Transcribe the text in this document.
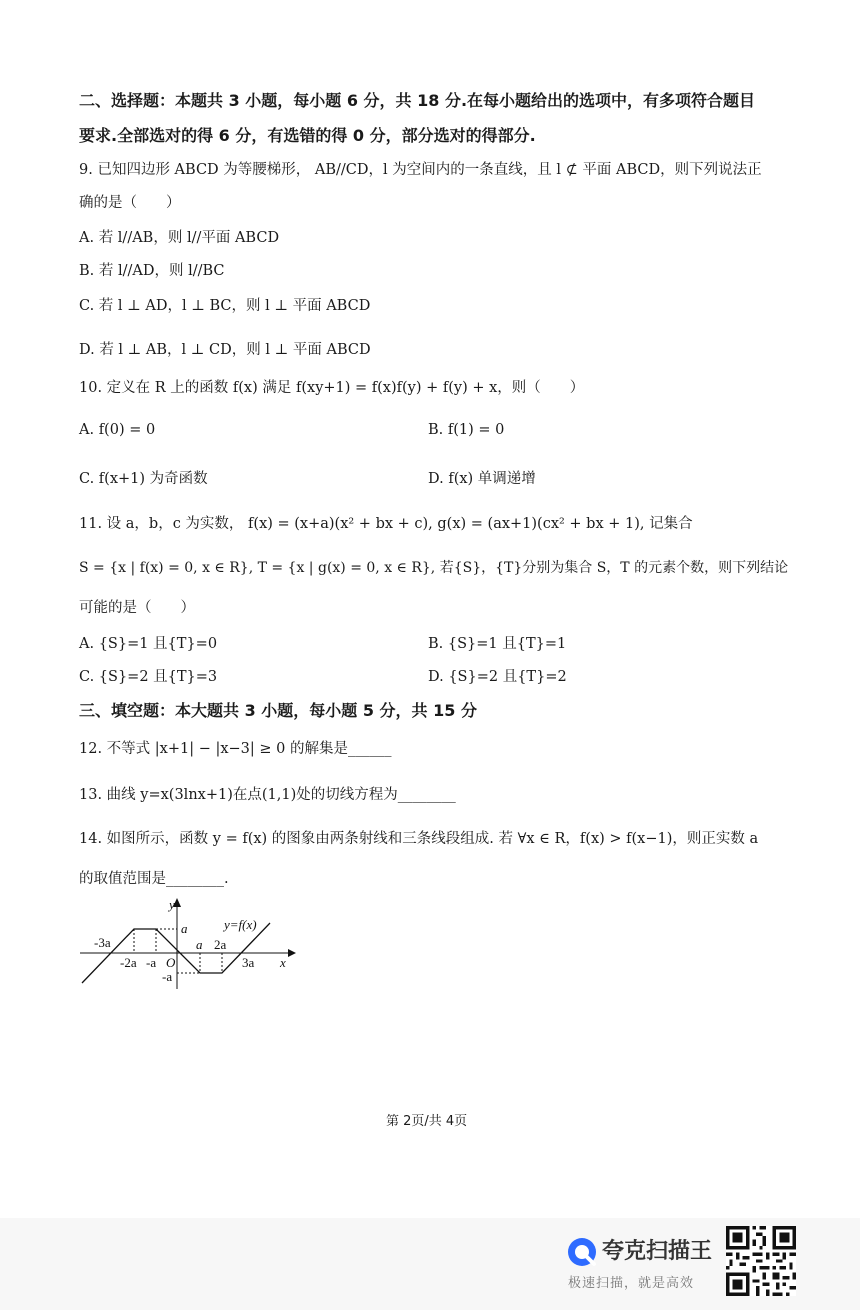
二、选择题：本题共 3 小题，每小题 6 分，共 18 分.在每小题给出的选项中，有多项符合题目
要求.全部选对的得 6 分，有选错的得 0 分，部分选对的得部分.
9. 已知四边形 ABCD 为等腰梯形， AB//CD，l 为空间内的一条直线，且 l ⊄ 平面 ABCD，则下列说法正
确的是（　　）
A. 若 l//AB，则 l//平面 ABCD
B. 若 l//AD，则 l//BC
C. 若 l ⊥ AD，l ⊥ BC，则 l ⊥ 平面 ABCD
D. 若 l ⊥ AB，l ⊥ CD，则 l ⊥ 平面 ABCD
10. 定义在 R 上的函数 f(x) 满足 f(xy+1) = f(x)f(y) + f(y) + x，则（　　）
A. f(0) = 0	B. f(1) = 0
C. f(x+1) 为奇函数	D. f(x) 单调递增
11. 设 a，b，c 为实数， f(x) = (x+a)(x² + bx + c), g(x) = (ax+1)(cx² + bx + 1), 记集合
S = {x | f(x) = 0, x ∈ R}, T = {x | g(x) = 0, x ∈ R}, 若{S}，{T}分别为集合 S，T 的元素个数，则下列结论
可能的是（　　）
A. {S}=1 且{T}=0	B. {S}=1 且{T}=1
C. {S}=2 且{T}=3	D. {S}=2 且{T}=2
三、填空题：本大题共 3 小题，每小题 5 分，共 15 分
12. 不等式 |x+1| − |x−3| ≥ 0 的解集是______
13. 曲线 y=x(3lnx+1)在点(1,1)处的切线方程为________
14. 如图所示，函数 y = f(x) 的图象由两条射线和三条线段组成. 若 ∀x ∈ R，f(x) > f(x−1)，则正实数 a
的取值范围是________.
y
x
y=f(x)
-3a
-2a -a O
a
a 2a
3a
-a
第 2页/共 4页
夸克扫描王
极速扫描，就是高效
